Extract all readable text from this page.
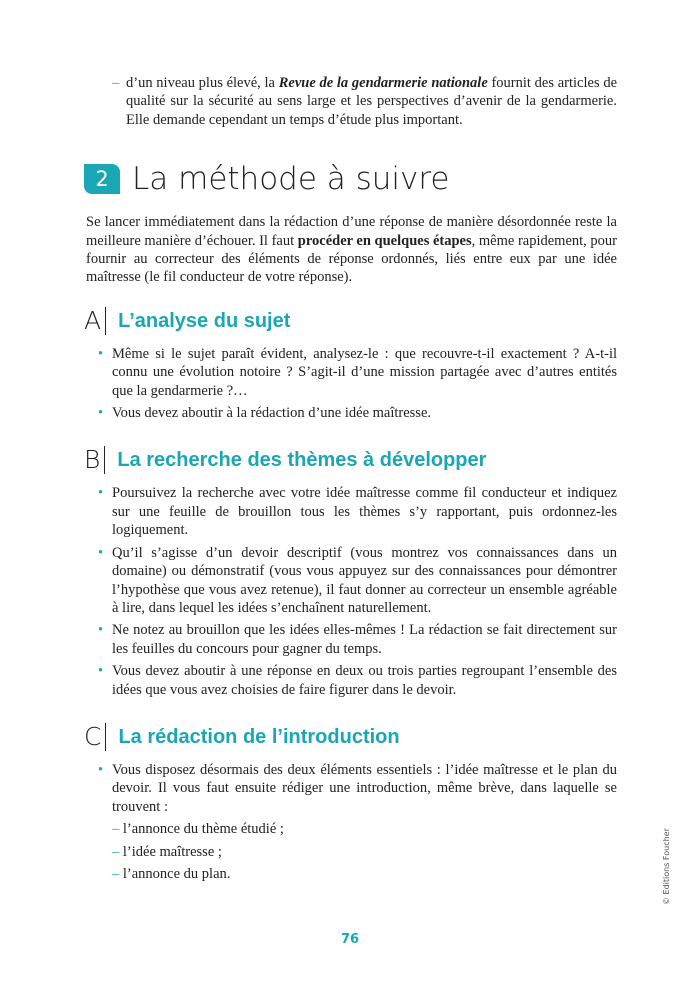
– d’un niveau plus élevé, la Revue de la gendarmerie nationale fournit des articles de qualité sur la sécurité au sens large et les perspectives d’avenir de la gendarmerie. Elle demande cependant un temps d’étude plus important.

2 La méthode à suivre

Se lancer immédiatement dans la rédaction d’une réponse de manière désordonnée reste la meilleure manière d’échouer. Il faut procéder en quelques étapes, même rapidement, pour fournir au correcteur des éléments de réponse ordonnés, liés entre eux par une idée maîtresse (le fil conducteur de votre réponse).

A L’analyse du sujet
• Même si le sujet paraît évident, analysez-le : que recouvre-t-il exactement ? A-t-il connu une évolution notoire ? S’agit-il d’une mission partagée avec d’autres entités que la gendarmerie ?…
• Vous devez aboutir à la rédaction d’une idée maîtresse.
B La recherche des thèmes à développer
• Poursuivez la recherche avec votre idée maîtresse comme fil conducteur et indiquez sur une feuille de brouillon tous les thèmes s’y rapportant, puis ordonnez-les logiquement.
• Qu’il s’agisse d’un devoir descriptif (vous montrez vos connaissances dans un domaine) ou démonstratif (vous vous appuyez sur des connaissances pour démontrer l’hypothèse que vous avez retenue), il faut donner au correcteur un ensemble agréable à lire, dans lequel les idées s’enchaînent naturellement.
• Ne notez au brouillon que les idées elles-mêmes ! La rédaction se fait directement sur les feuilles du concours pour gagner du temps.
• Vous devez aboutir à une réponse en deux ou trois parties regroupant l’ensemble des idées que vous avez choisies de faire figurer dans le devoir.
C La rédaction de l’introduction
• Vous disposez désormais des deux éléments essentiels : l’idée maîtresse et le plan du devoir. Il vous faut ensuite rédiger une introduction, même brève, dans laquelle se trouvent :
– l’annonce du thème étudié ;
– l’idée maîtresse ;
– l’annonce du plan.
76
© Éditions Foucher
